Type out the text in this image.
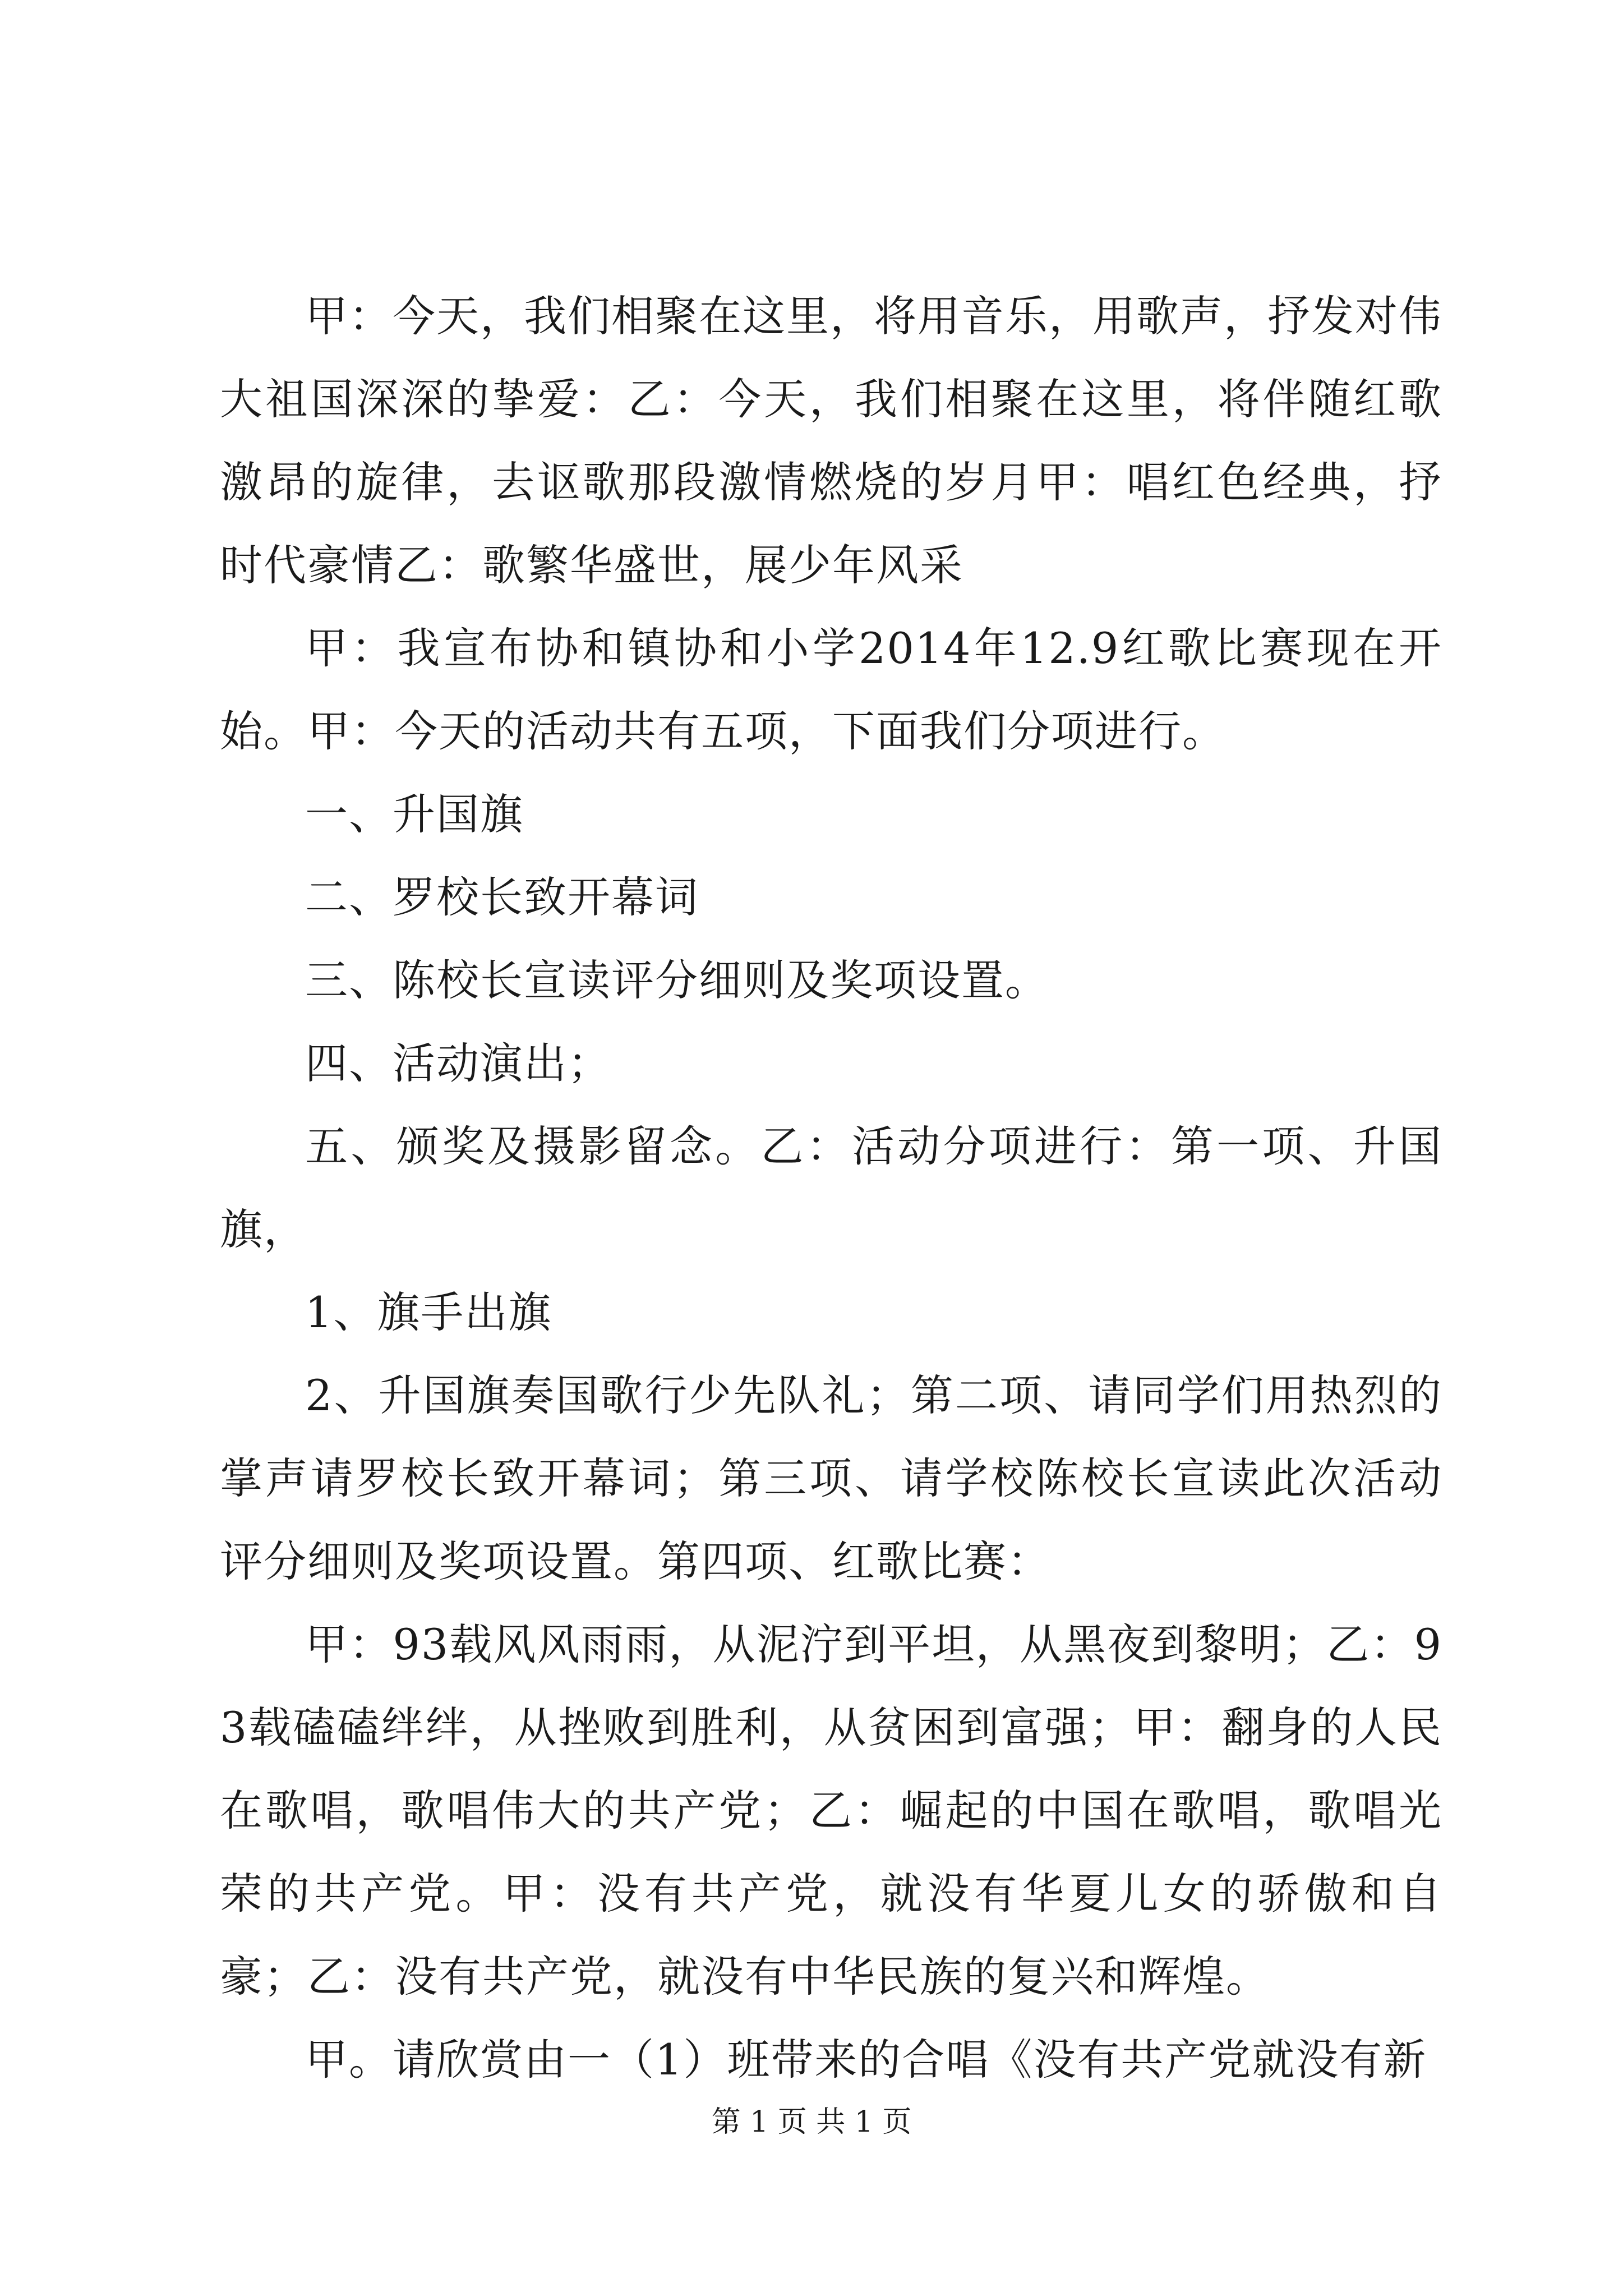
甲：今天，我们相聚在这里，将用音乐，用歌声，抒发对伟大祖国深深的挚爱：乙：今天，我们相聚在这里，将伴随红歌激昂的旋律，去讴歌那段激情燃烧的岁月甲：唱红色经典，抒时代豪情乙：歌繁华盛世，展少年风采

甲：我宣布协和镇协和小学2014年12.9红歌比赛现在开始。甲：今天的活动共有五项，下面我们分项进行。

一、升国旗

二、罗校长致开幕词

三、陈校长宣读评分细则及奖项设置。

四、活动演出；

五、颁奖及摄影留念。乙：活动分项进行：第一项、升国旗，

1、旗手出旗

2、升国旗奏国歌行少先队礼；第二项、请同学们用热烈的掌声请罗校长致开幕词；第三项、请学校陈校长宣读此次活动评分细则及奖项设置。第四项、红歌比赛：

甲：93载风风雨雨，从泥泞到平坦，从黑夜到黎明；乙：93载磕磕绊绊，从挫败到胜利，从贫困到富强；甲：翻身的人民在歌唱，歌唱伟大的共产党；乙：崛起的中国在歌唱，歌唱光荣的共产党。甲：没有共产党，就没有华夏儿女的骄傲和自豪；乙：没有共产党，就没有中华民族的复兴和辉煌。

甲。请欣赏由一（1）班带来的合唱《没有共产党就没有新

第 1 页 共 1 页
